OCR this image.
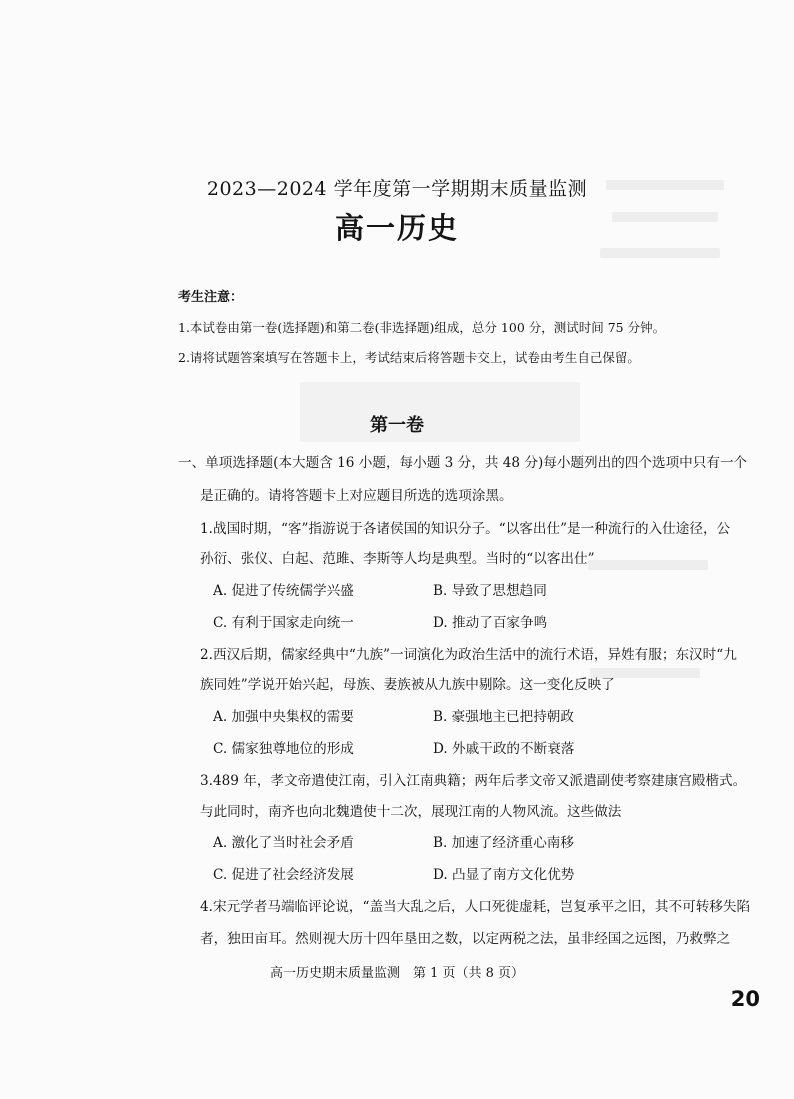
2023—2024 学年度第一学期期末质量监测
高一历史
考生注意：
1.本试卷由第一卷(选择题)和第二卷(非选择题)组成，总分 100 分，测试时间 75 分钟。
2.请将试题答案填写在答题卡上，考试结束后将答题卡交上，试卷由考生自己保留。
第一卷
一、单项选择题(本大题含 16 小题，每小题 3 分，共 48 分)每小题列出的四个选项中只有一个
是正确的。请将答题卡上对应题目所选的选项涂黑。
1.战国时期，“客”指游说于各诸侯国的知识分子。“以客出仕”是一种流行的入仕途径，公
孙衍、张仪、白起、范雎、李斯等人均是典型。当时的“以客出仕”
A. 促进了传统儒学兴盛	B. 导致了思想趋同
C. 有利于国家走向统一	D. 推动了百家争鸣
2.西汉后期，儒家经典中“九族”一词演化为政治生活中的流行术语，异姓有服；东汉时“九
族同姓”学说开始兴起，母族、妻族被从九族中剔除。这一变化反映了
A. 加强中央集权的需要	B. 豪强地主已把持朝政
C. 儒家独尊地位的形成	D. 外戚干政的不断衰落
3.489 年，孝文帝遣使江南，引入江南典籍；两年后孝文帝又派遣副使考察建康宫殿楷式。
与此同时，南齐也向北魏遣使十二次，展现江南的人物风流。这些做法
A. 激化了当时社会矛盾	B. 加速了经济重心南移
C. 促进了社会经济发展	D. 凸显了南方文化优势
4.宋元学者马端临评论说，“盖当大乱之后，人口死徙虚耗，岂复承平之旧，其不可转移失陷
者，独田亩耳。然则视大历十四年垦田之数，以定两税之法，虽非经国之远图，乃救弊之
高一历史期末质量监测　第 1 页（共 8 页）
20
